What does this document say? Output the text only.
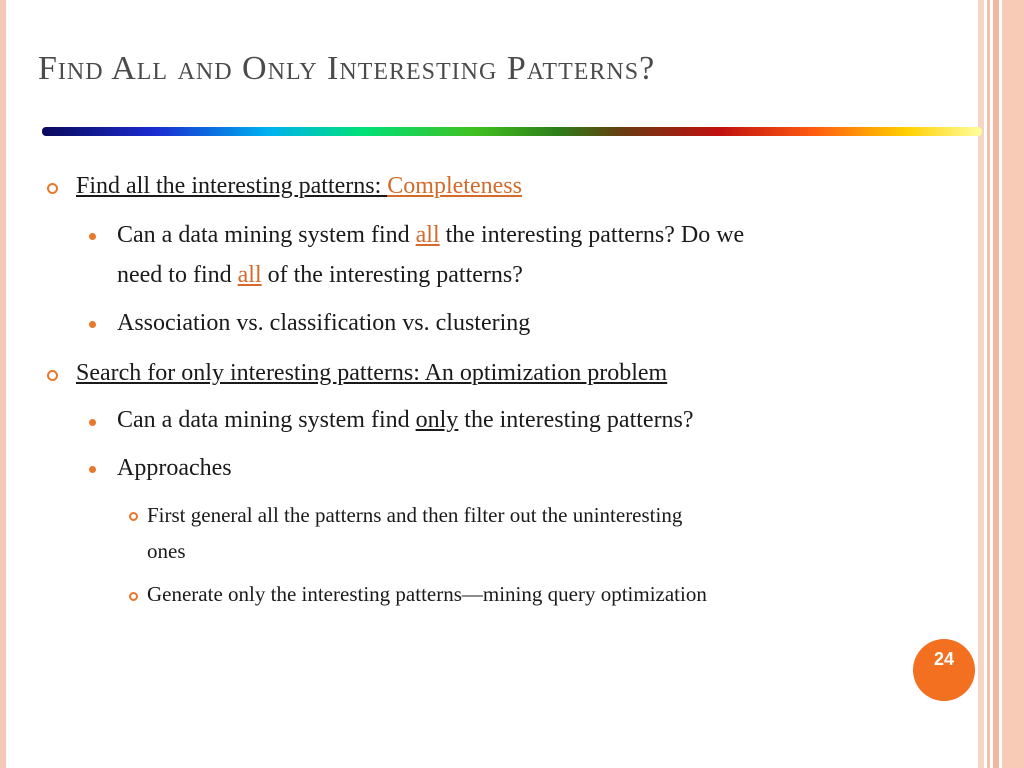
Find All and Only Interesting Patterns?
Find all the interesting patterns: Completeness
Can a data mining system find all the interesting patterns? Do we
need to find all of the interesting patterns?
Association vs. classification vs. clustering
Search for only interesting patterns: An optimization problem
Can a data mining system find only the interesting patterns?
Approaches
First general all the patterns and then filter out the uninteresting
ones
Generate only the interesting patterns—mining query optimization
24
